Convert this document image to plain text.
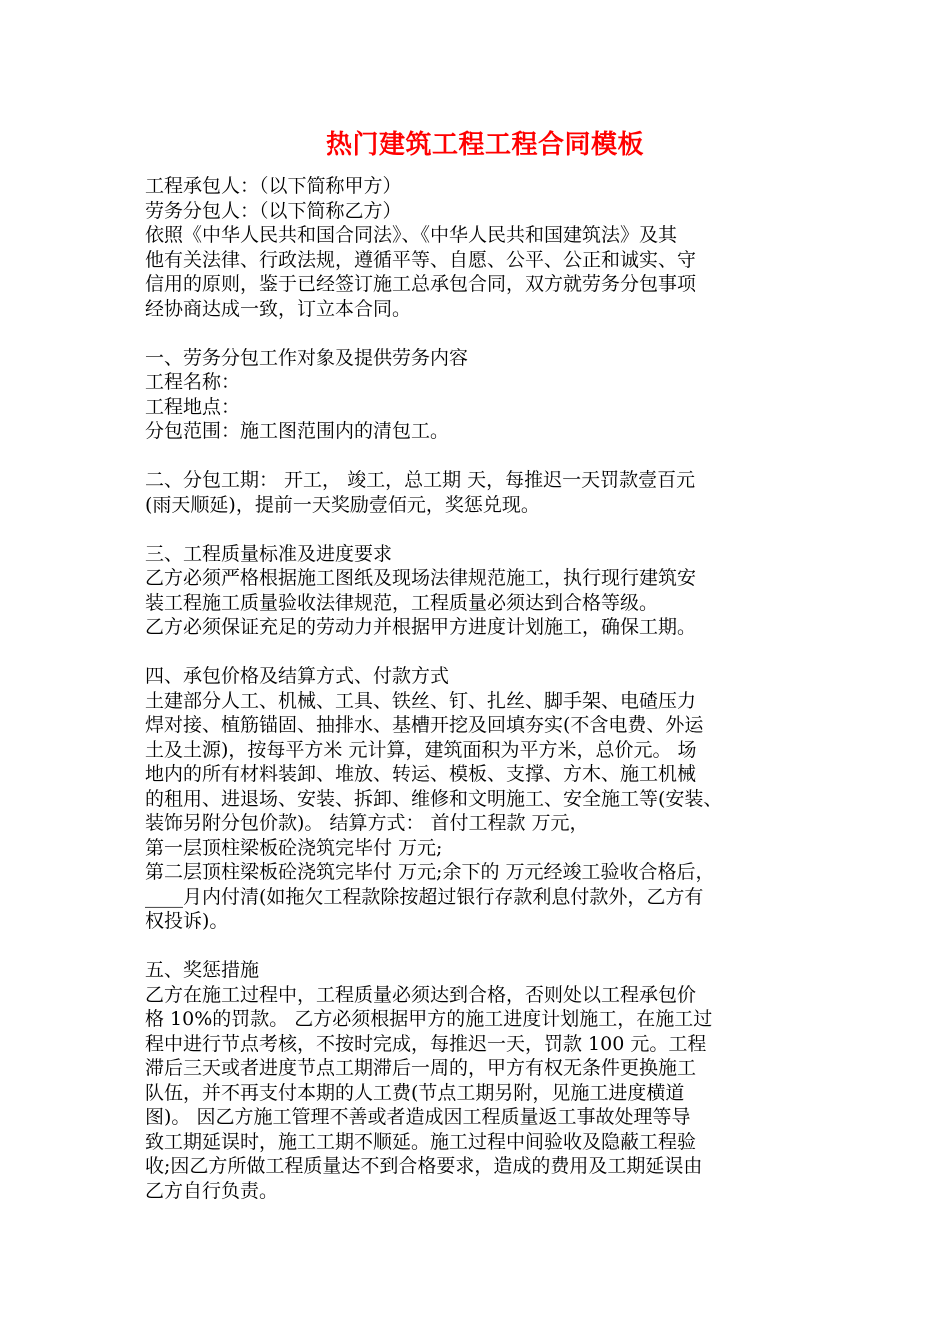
热门建筑工程工程合同模板
工程承包人：（以下简称甲方）
劳务分包人：（以下简称乙方）
依照《中华人民共和国合同法》、《中华人民共和国建筑法》及其
他有关法律、行政法规，遵循平等、自愿、公平、公正和诚实、守
信用的原则，鉴于已经签订施工总承包合同，双方就劳务分包事项
经协商达成一致，订立本合同。
一、劳务分包工作对象及提供劳务内容
工程名称：
工程地点：
分包范围：施工图范围内的清包工。
二、分包工期： 开工， 竣工，总工期 天，每推迟一天罚款壹百元
(雨天顺延)，提前一天奖励壹佰元，奖惩兑现。
三、工程质量标准及进度要求
乙方必须严格根据施工图纸及现场法律规范施工，执行现行建筑安
装工程施工质量验收法律规范，工程质量必须达到合格等级。
乙方必须保证充足的劳动力并根据甲方进度计划施工，确保工期。
四、承包价格及结算方式、付款方式
土建部分人工、机械、工具、铁丝、钉、扎丝、脚手架、电碴压力
焊对接、植筋锚固、抽排水、基槽开挖及回填夯实(不含电费、外运
土及土源)，按每平方米 元计算，建筑面积为平方米，总价元。 场
地内的所有材料装卸、堆放、转运、模板、支撑、方木、施工机械
的租用、进退场、安装、拆卸、维修和文明施工、安全施工等(安装、
装饰另附分包价款)。 结算方式： 首付工程款 万元，
第一层顶柱梁板砼浇筑完毕付 万元;
第二层顶柱梁板砼浇筑完毕付 万元;余下的 万元经竣工验收合格后，
____月内付清(如拖欠工程款除按超过银行存款利息付款外，乙方有
权投诉)。
五、奖惩措施
乙方在施工过程中，工程质量必须达到合格，否则处以工程承包价
格 10%的罚款。 乙方必须根据甲方的施工进度计划施工，在施工过
程中进行节点考核，不按时完成，每推迟一天，罚款 100 元。工程
滞后三天或者进度节点工期滞后一周的，甲方有权无条件更换施工
队伍，并不再支付本期的人工费(节点工期另附，见施工进度横道
图)。 因乙方施工管理不善或者造成因工程质量返工事故处理等导
致工期延误时，施工工期不顺延。施工过程中间验收及隐蔽工程验
收;因乙方所做工程质量达不到合格要求，造成的费用及工期延误由
乙方自行负责。
